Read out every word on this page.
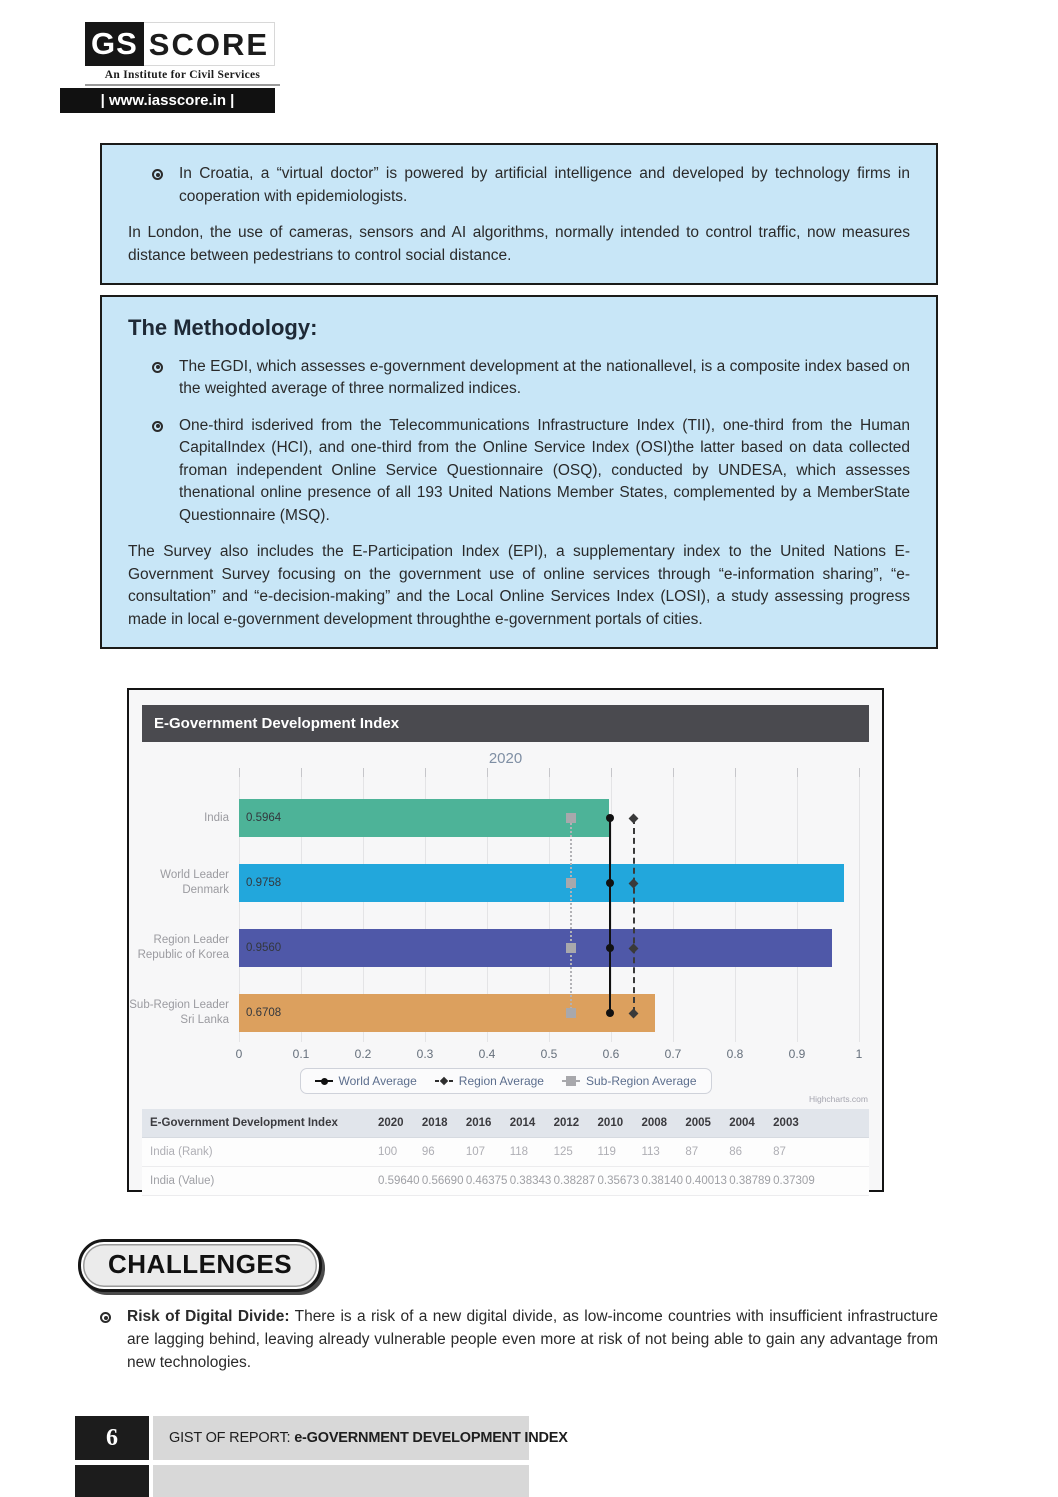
GS SCORE
An Institute for Civil Services
| www.iasscore.in |

In Croatia, a “virtual doctor” is powered by artificial intelligence and developed by technology firms in cooperation with epidemiologists.

In London, the use of cameras, sensors and AI algorithms, normally intended to control traffic, now measures distance between pedestrians to control social distance.

The Methodology:

The EGDI, which assesses e-government development at the nationallevel, is a composite index based on the weighted average of three normalized indices.

One-third isderived from the Telecommunications Infrastructure Index (TII), one-third from the Human CapitalIndex (HCI), and one-third from the Online Service Index (OSI)the latter based on data collected froman independent Online Service Questionnaire (OSQ), conducted by UNDESA, which assesses thenational online presence of all 193 United Nations Member States, complemented by a MemberState Questionnaire (MSQ).

The Survey also includes the E-Participation Index (EPI), a supplementary index to the United Nations E-Government Survey focusing on the government use of online services through “e-information sharing”, “e-consultation” and “e-decision-making” and the Local Online Services Index (LOSI), a study assessing progress made in local e-government development throughthe e-government portals of cities.

E-Government Development Index
2020
0	0.1	0.2	0.3	0.4	0.5	0.6	0.7	0.8	0.9	1
0.5964
India
0.9758
World Leader
Denmark
0.9560
Region Leader
Republic of Korea
0.6708
Sub-Region Leader
Sri Lanka
World Average	Region Average	Sub-Region Average
Highcharts.com
E-Government Development Index	2020	2018	2016	2014	2012	2010	2008	2005	2004	2003
India (Rank)	100	96	107	118	125	119	113	87	86	87
India (Value)	0.59640 0.56690 0.46375 0.38343 0.38287 0.35673 0.38140 0.40013 0.38789 0.37309
CHALLENGES

Risk of Digital Divide: There is a risk of a new digital divide, as low-income countries with insufficient infrastructure are lagging behind, leaving already vulnerable people even more at risk of not being able to gain any advantage from new technologies.

6	GIST OF REPORT: e-GOVERNMENT DEVELOPMENT INDEX
